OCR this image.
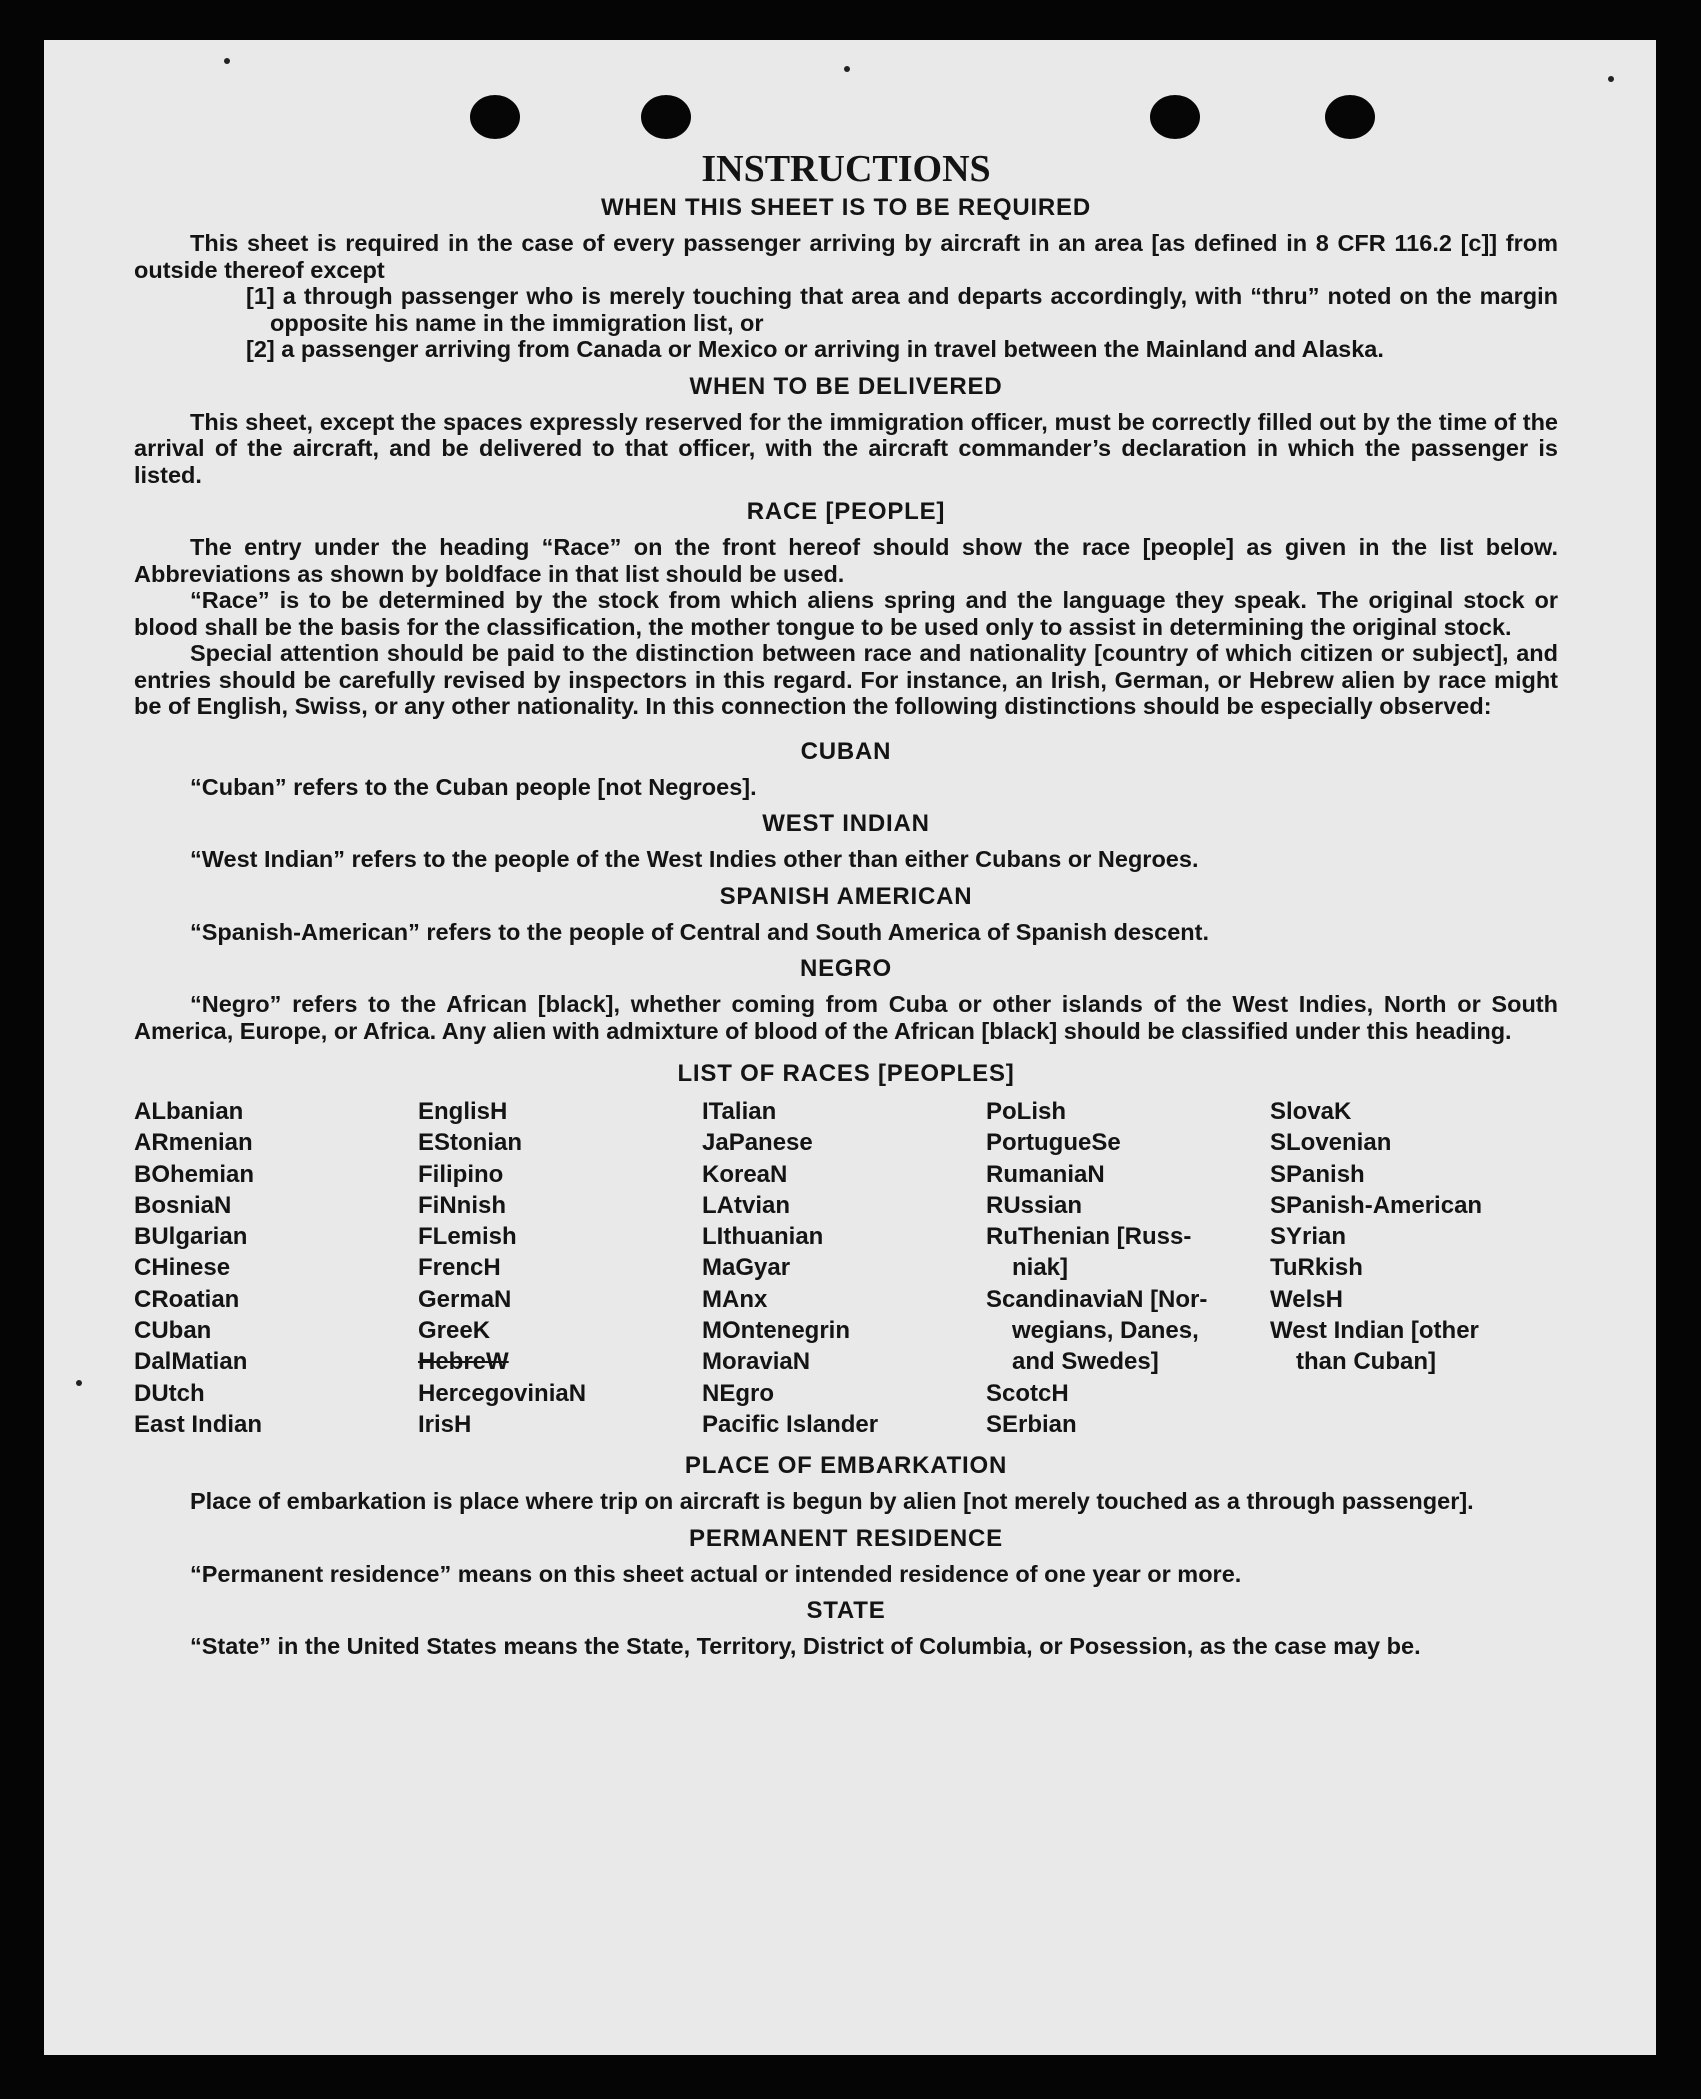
INSTRUCTIONS
WHEN THIS SHEET IS TO BE REQUIRED

This sheet is required in the case of every passenger arriving by aircraft in an area [as defined in 8 CFR 116.2 [c]] from outside thereof except

[1] a through passenger who is merely touching that area and departs accordingly, with “thru” noted on the margin opposite his name in the immigration list, or
[2] a passenger arriving from Canada or Mexico or arriving in travel between the Mainland and Alaska.
WHEN TO BE DELIVERED

This sheet, except the spaces expressly reserved for the immigration officer, must be correctly filled out by the time of the arrival of the aircraft, and be delivered to that officer, with the aircraft commander’s declaration in which the passenger is listed.

RACE [PEOPLE]

The entry under the heading “Race” on the front hereof should show the race [people] as given in the list below. Abbreviations as shown by boldface in that list should be used.

“Race” is to be determined by the stock from which aliens spring and the language they speak. The original stock or blood shall be the basis for the classification, the mother tongue to be used only to assist in determining the original stock.

Special attention should be paid to the distinction between race and nationality [country of which citizen or subject], and entries should be carefully revised by inspectors in this regard. For instance, an Irish, German, or Hebrew alien by race might be of English, Swiss, or any other nationality. In this connection the following distinctions should be especially observed:

CUBAN

“Cuban” refers to the Cuban people [not Negroes].

WEST INDIAN

“West Indian” refers to the people of the West Indies other than either Cubans or Negroes.

SPANISH AMERICAN

“Spanish-American” refers to the people of Central and South America of Spanish descent.

NEGRO

“Negro” refers to the African [black], whether coming from Cuba or other islands of the West Indies, North or South America, Europe, or Africa. Any alien with admixture of blood of the African [black] should be classified under this heading.

LIST OF RACES [PEOPLES]
ALbanian
ARmenian
BOhemian
BosniaN
BUlgarian
CHinese
CRoatian
CUban
DalMatian
DUtch
East Indian
EnglisH
EStonian
Filipino
FiNnish
FLemish
FrencH
GermaN
GreeK
HebreW
HercegoviniaN
IrisH
ITalian
JaPanese
KoreaN
LAtvian
LIthuanian
MaGyar
MAnx
MOntenegrin
MoraviaN
NEgro
Pacific Islander
PoLish
PortugueSe
RumaniaN
RUssian
RuThenian [Russ-
niak]
ScandinaviaN [Nor-
wegians, Danes,
and Swedes]
ScotcH
SErbian
SlovaK
SLovenian
SPanish
SPanish-American
SYrian
TuRkish
WelsH
West Indian [other
than Cuban]
PLACE OF EMBARKATION

Place of embarkation is place where trip on aircraft is begun by alien [not merely touched as a through passenger].

PERMANENT RESIDENCE

“Permanent residence” means on this sheet actual or intended residence of one year or more.

STATE

“State” in the United States means the State, Territory, District of Columbia, or Posession, as the case may be.
